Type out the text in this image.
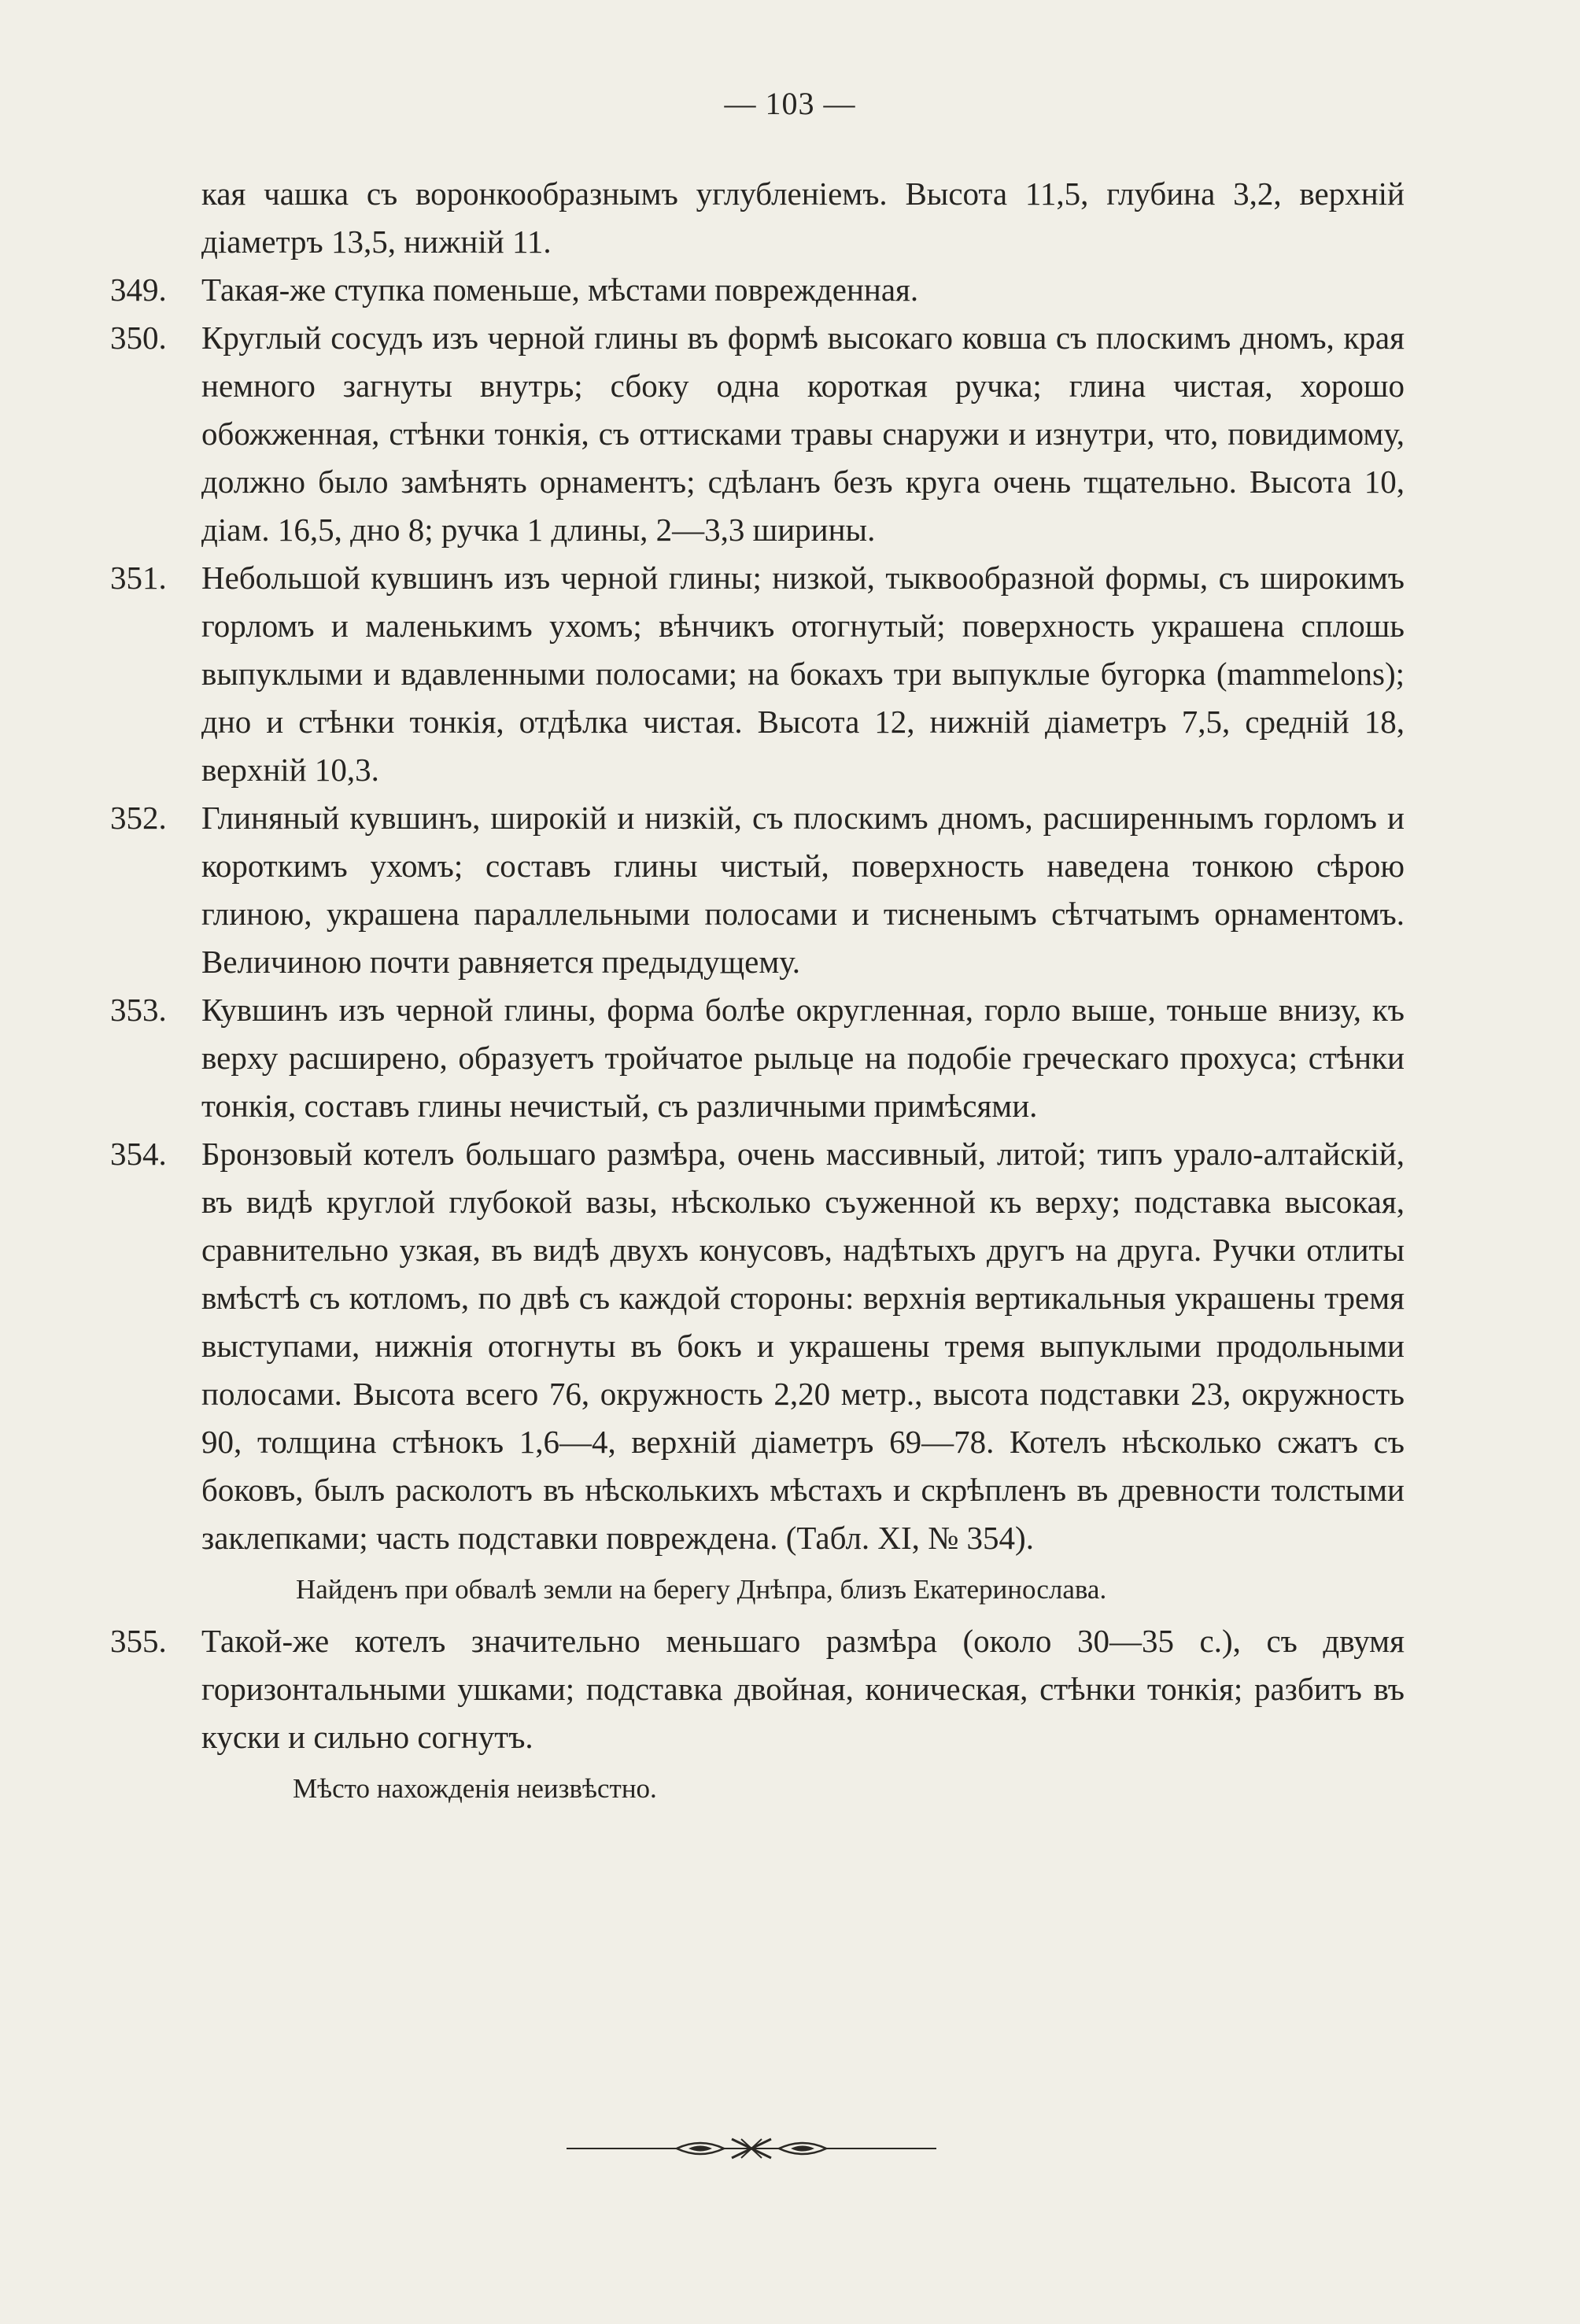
— 103 —
кая чашка съ воронкообразнымъ углубленіемъ. Высота 11,5, глубина 3,2, верхній діаметръ 13,5, нижній 11.
349. Такая-же ступка поменьше, мѣстами поврежденная.
350. Круглый сосудъ изъ черной глины въ формѣ высокаго ковша съ плоскимъ дномъ, края немного загнуты внутрь; сбоку одна короткая ручка; глина чистая, хорошо обожженная, стѣнки тонкія, съ оттисками травы снаружи и изнутри, что, повидимому, должно было замѣнять орнаментъ; сдѣланъ безъ круга очень тщательно. Высота 10, діам. 16,5, дно 8; ручка 1 длины, 2—3,3 ширины.
351. Небольшой кувшинъ изъ черной глины; низкой, тыквообразной формы, съ широкимъ горломъ и маленькимъ ухомъ; вѣнчикъ отогнутый; поверхность украшена сплошь выпуклыми и вдавленными полосами; на бокахъ три выпуклые бугорка (mammelons); дно и стѣнки тонкія, отдѣлка чистая. Высота 12, нижній діаметръ 7,5, средній 18, верхній 10,3.
352. Глиняный кувшинъ, широкій и низкій, съ плоскимъ дномъ, расширеннымъ горломъ и короткимъ ухомъ; составъ глины чистый, поверхность наведена тонкою сѣрою глиною, украшена параллельными полосами и тисненымъ сѣтчатымъ орнаментомъ. Величиною почти равняется предыдущему.
353. Кувшинъ изъ черной глины, форма болѣе округленная, горло выше, тоньше внизу, къ верху расширено, образуетъ тройчатое рыльце на подобіе греческаго прохуса; стѣнки тонкія, составъ глины нечистый, съ различными примѣсями.
354. Бронзовый котелъ большаго размѣра, очень массивный, литой; типъ урало-алтайскій, въ видѣ круглой глубокой вазы, нѣсколько съуженной къ верху; подставка высокая, сравнительно узкая, въ видѣ двухъ конусовъ, надѣтыхъ другъ на друга. Ручки отлиты вмѣстѣ съ котломъ, по двѣ съ каждой стороны: верхнія вертикальныя украшены тремя выступами, нижнія отогнуты въ бокъ и украшены тремя выпуклыми продольными полосами. Высота всего 76, окружность 2,20 метр., высота подставки 23, окружность 90, толщина стѣнокъ 1,6—4, верхній діаметръ 69—78. Котелъ нѣсколько сжатъ съ боковъ, былъ расколотъ въ нѣсколькихъ мѣстахъ и скрѣпленъ въ древности толстыми заклепками; часть подставки повреждена. (Табл. XI, № 354).
Найденъ при обвалѣ земли на берегу Днѣпра, близъ Екатеринослава.
355. Такой-же котелъ значительно меньшаго размѣра (около 30—35 с.), съ двумя горизонтальными ушками; подставка двойная, коническая, стѣнки тонкія; разбитъ въ куски и сильно согнутъ.
Мѣсто нахожденія неизвѣстно.
